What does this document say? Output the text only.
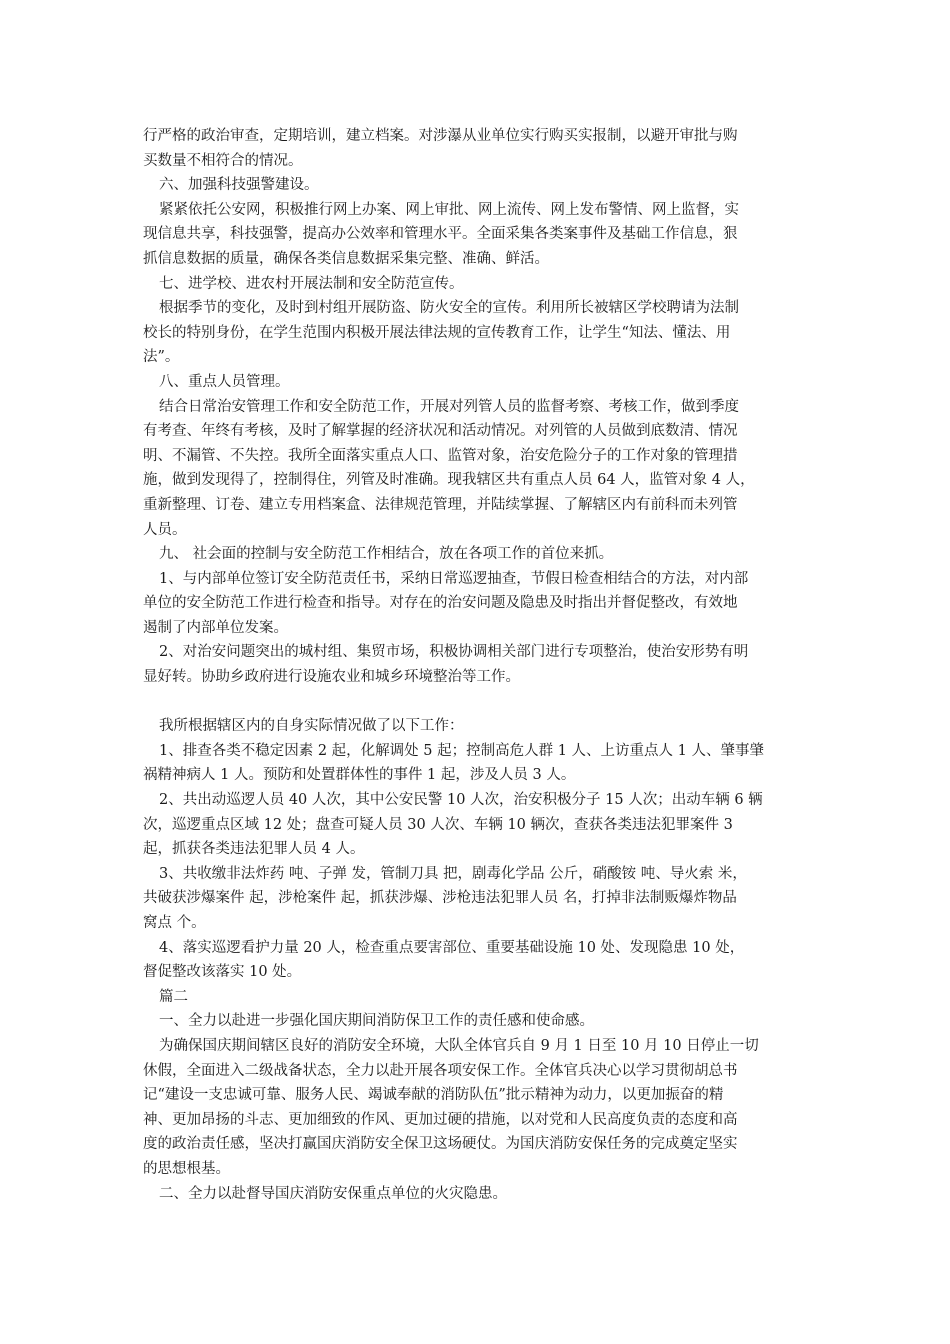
行严格的政治审查，定期培训，建立档案。对涉瀑从业单位实行购买实报制，以避开审批与购
买数量不相符合的情况。
六、加强科技强警建设。
紧紧依托公安网，积极推行网上办案、网上审批、网上流传、网上发布警情、网上监督，实
现信息共享，科技强警，提高办公效率和管理水平。全面采集各类案事件及基础工作信息，狠
抓信息数据的质量，确保各类信息数据采集完整、准确、鲜活。
七、进学校、进农村开展法制和安全防范宣传。
根据季节的变化，及时到村组开展防盗、防火安全的宣传。利用所长被辖区学校聘请为法制
校长的特别身份，在学生范围内积极开展法律法规的宣传教育工作，让学生“知法、懂法、用
法”。
八、重点人员管理。
结合日常治安管理工作和安全防范工作，开展对列管人员的监督考察、考核工作，做到季度
有考查、年终有考核，及时了解掌握的经济状况和活动情况。对列管的人员做到底数清、情况
明、不漏管、不失控。我所全面落实重点人口、监管对象，治安危险分子的工作对象的管理措
施，做到发现得了，控制得住，列管及时准确。现我辖区共有重点人员 64 人，监管对象 4 人，
重新整理、订卷、建立专用档案盒、法律规范管理，并陆续掌握、了解辖区内有前科而未列管
人员。
九、 社会面的控制与安全防范工作相结合，放在各项工作的首位来抓。
1、与内部单位签订安全防范责任书，采纳日常巡逻抽查，节假日检查相结合的方法，对内部
单位的安全防范工作进行检查和指导。对存在的治安问题及隐患及时指出并督促整改，有效地
遏制了内部单位发案。
2、对治安问题突出的城村组、集贸市场，积极协调相关部门进行专项整治，使治安形势有明
显好转。协助乡政府进行设施农业和城乡环境整治等工作。
我所根据辖区内的自身实际情况做了以下工作：
1、排查各类不稳定因素 2 起，化解调处 5 起；控制高危人群 1 人、上访重点人 1 人、肇事肇
祸精神病人 1 人。预防和处置群体性的事件 1 起，涉及人员 3 人。
2、共出动巡逻人员 40 人次，其中公安民警 10 人次，治安积极分子 15 人次；出动车辆 6 辆
次，巡逻重点区域 12 处；盘查可疑人员 30 人次、车辆 10 辆次，查获各类违法犯罪案件 3
起，抓获各类违法犯罪人员 4 人。
3、共收缴非法炸药 吨、子弹 发，管制刀具 把，剧毒化学品 公斤，硝酸铵 吨、导火索 米，
共破获涉爆案件 起，涉枪案件 起，抓获涉爆、涉枪违法犯罪人员 名，打掉非法制贩爆炸物品
窝点 个。
4、落实巡逻看护力量 20 人，检查重点要害部位、重要基础设施 10 处、发现隐患 10 处，
督促整改该落实 10 处。
篇二
一、全力以赴进一步强化国庆期间消防保卫工作的责任感和使命感。
为确保国庆期间辖区良好的消防安全环境，大队全体官兵自 9 月 1 日至 10 月 10 日停止一切
休假，全面进入二级战备状态，全力以赴开展各项安保工作。全体官兵决心以学习贯彻胡总书
记“建设一支忠诚可靠、服务人民、竭诚奉献的消防队伍”批示精神为动力，以更加振奋的精
神、更加昂扬的斗志、更加细致的作风、更加过硬的措施，以对党和人民高度负责的态度和高
度的政治责任感，坚决打赢国庆消防安全保卫这场硬仗。为国庆消防安保任务的完成奠定坚实
的思想根基。
二、全力以赴督导国庆消防安保重点单位的火灾隐患。
